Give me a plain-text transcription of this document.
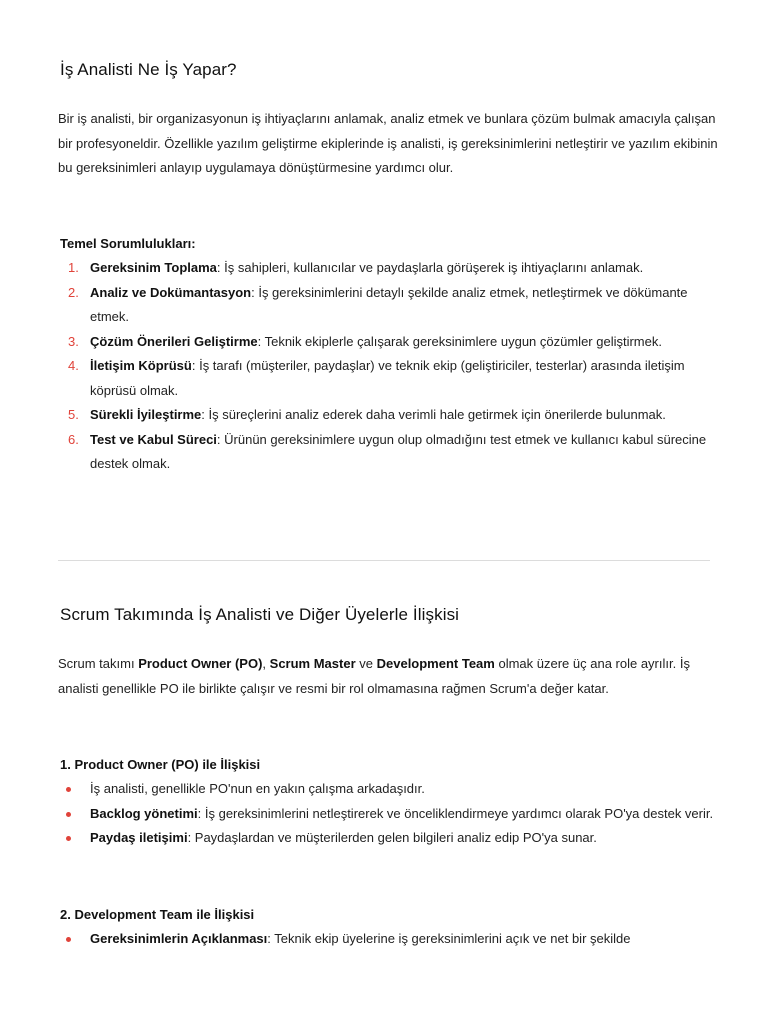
İş Analisti Ne İş Yapar?

Bir iş analisti, bir organizasyonun iş ihtiyaçlarını anlamak, analiz etmek ve bunlara çözüm bulmak amacıyla çalışan bir profesyoneldir. Özellikle yazılım geliştirme ekiplerinde iş analisti, iş gereksinimlerini netleştirir ve yazılım ekibinin bu gereksinimleri anlayıp uygulamaya dönüştürmesine yardımcı olur.

Temel Sorumlulukları:

1. Gereksinim Toplama: İş sahipleri, kullanıcılar ve paydaşlarla görüşerek iş ihtiyaçlarını anlamak.
2. Analiz ve Dokümantasyon: İş gereksinimlerini detaylı şekilde analiz etmek, netleştirmek ve dökümante etmek.
3. Çözüm Önerileri Geliştirme: Teknik ekiplerle çalışarak gereksinimlere uygun çözümler geliştirmek.
4. İletişim Köprüsü: İş tarafı (müşteriler, paydaşlar) ve teknik ekip (geliştiriciler, testerlar) arasında iletişim köprüsü olmak.
5. Sürekli İyileştirme: İş süreçlerini analiz ederek daha verimli hale getirmek için önerilerde bulunmak.
6. Test ve Kabul Süreci: Ürünün gereksinimlere uygun olup olmadığını test etmek ve kullanıcı kabul sürecine destek olmak.
Scrum Takımında İş Analisti ve Diğer Üyelerle İlişkisi

Scrum takımı Product Owner (PO), Scrum Master ve Development Team olmak üzere üç ana role ayrılır. İş analisti genellikle PO ile birlikte çalışır ve resmi bir rol olmamasına rağmen Scrum'a değer katar.

1. Product Owner (PO) ile İlişkisi

İş analisti, genellikle PO'nun en yakın çalışma arkadaşıdır.
Backlog yönetimi: İş gereksinimlerini netleştirerek ve önceliklendirmeye yardımcı olarak PO'ya destek verir.
Paydaş iletişimi: Paydaşlardan ve müşterilerden gelen bilgileri analiz edip PO'ya sunar.

2. Development Team ile İlişkisi

Gereksinimlerin Açıklanması: Teknik ekip üyelerine iş gereksinimlerini açık ve net bir şekilde
